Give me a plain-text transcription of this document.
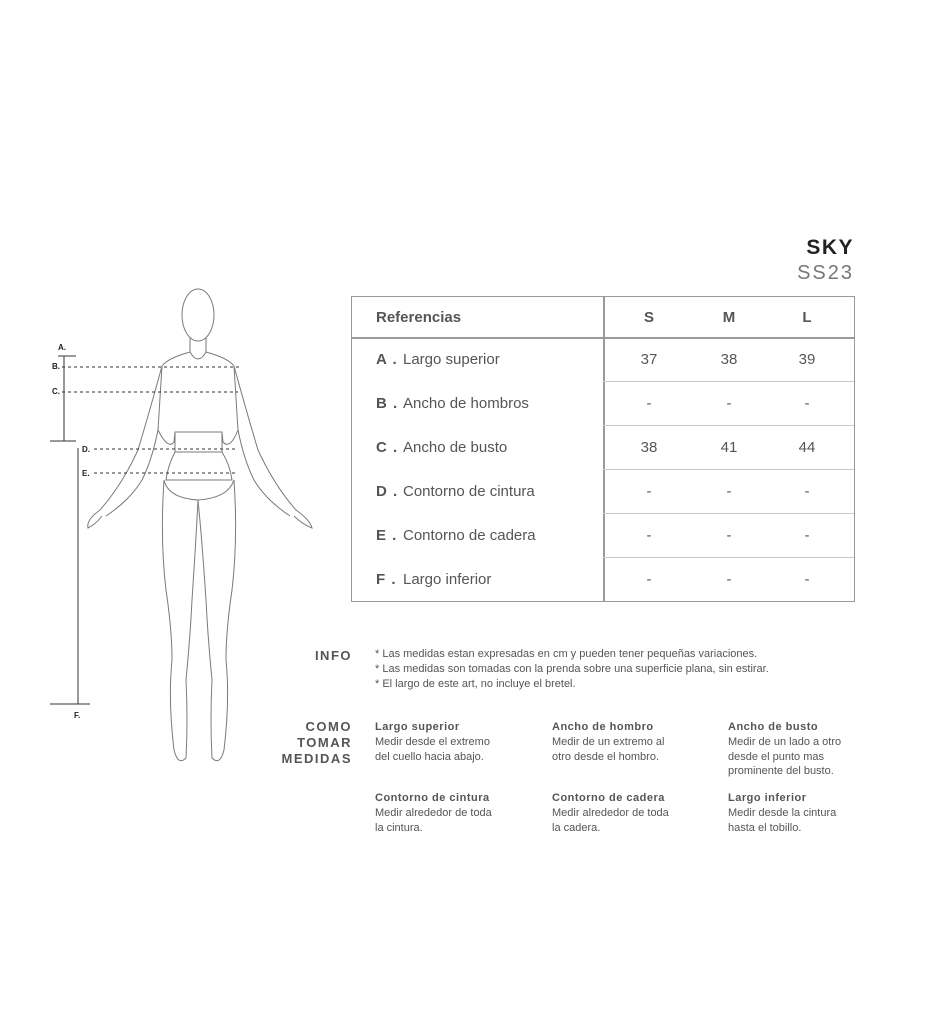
SKY
SS23
Referencias	S	M	L
A . Largo superior	37	38	39
B . Ancho de hombros	-	-	-
C . Ancho de busto	38	41	44
D . Contorno de cintura	-	-	-
E . Contorno de cadera	-	-	-
F . Largo inferior	-	-	-
INFO * Las medidas estan expresadas en cm y pueden tener pequeñas variaciones.
* Las medidas son tomadas con la prenda sobre una superficie plana, sin estirar.
* El largo de este art, no incluye el bretel.
COMO
TOMAR
MEDIDAS
Largo superior
Medir desde el extremo
del cuello hacia abajo.
Ancho de hombro
Medir de un extremo al
otro desde el hombro.
Ancho de busto
Medir de un lado a otro
desde el punto mas
prominente del busto.
Contorno de cintura
Medir alrededor de toda
la cintura.
Contorno de cadera
Medir alrededor de toda
la cadera.
Largo inferior
Medir desde la cintura
hasta el tobillo.
A.
B.
C.
D.
E.
F.
